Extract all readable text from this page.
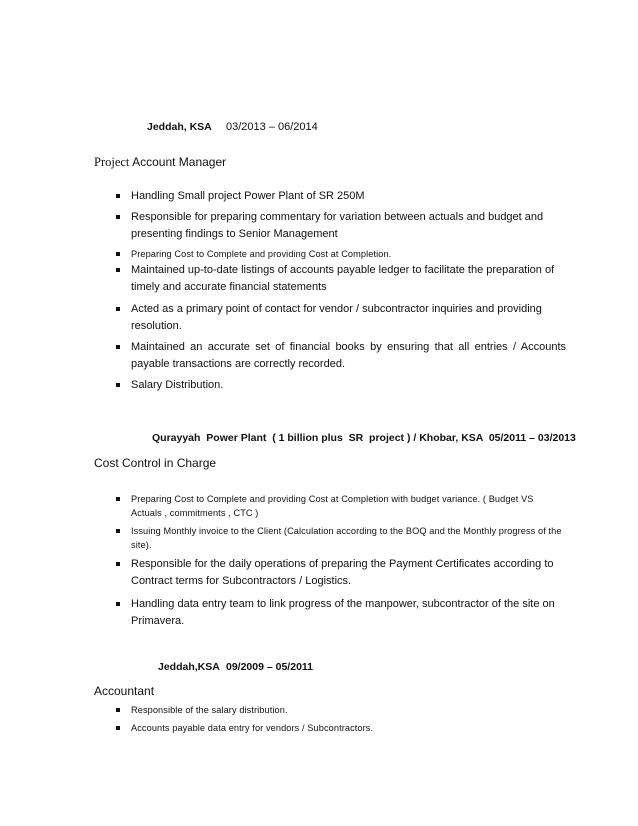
Jeddah, KSA 03/2013 – 06/2014
Project Account Manager
Handling Small project Power Plant of SR 250M
Responsible for preparing commentary for variation between actuals and budget and presenting findings to Senior Management
Preparing Cost to Complete and providing Cost at Completion.
Maintained up-to-date listings of accounts payable ledger to facilitate the preparation of timely and accurate financial statements
Acted as a primary point of contact for vendor / subcontractor inquiries and providing resolution.
Maintained an accurate set of financial books by ensuring that all entries / Accounts payable transactions are correctly recorded.
Salary Distribution.
Qurayyah  Power Plant  ( 1 billion plus  SR  project ) / Khobar, KSA  05/2011 – 03/2013
Cost Control in Charge
Preparing Cost to Complete and providing Cost at Completion with budget variance. ( Budget VS Actuals , commitments , CTC )
Issuing Monthly invoice to the Client (Calculation according to the BOQ and the Monthly progress of the site).
Responsible for the daily operations of preparing the Payment Certificates according to Contract terms for Subcontractors / Logistics.
Handling data entry team to link progress of the manpower, subcontractor of the site on Primavera.
Jeddah,KSA 09/2009 – 05/2011
Accountant
Responsible of the salary distribution.
Accounts payable data entry for vendors / Subcontractors.
